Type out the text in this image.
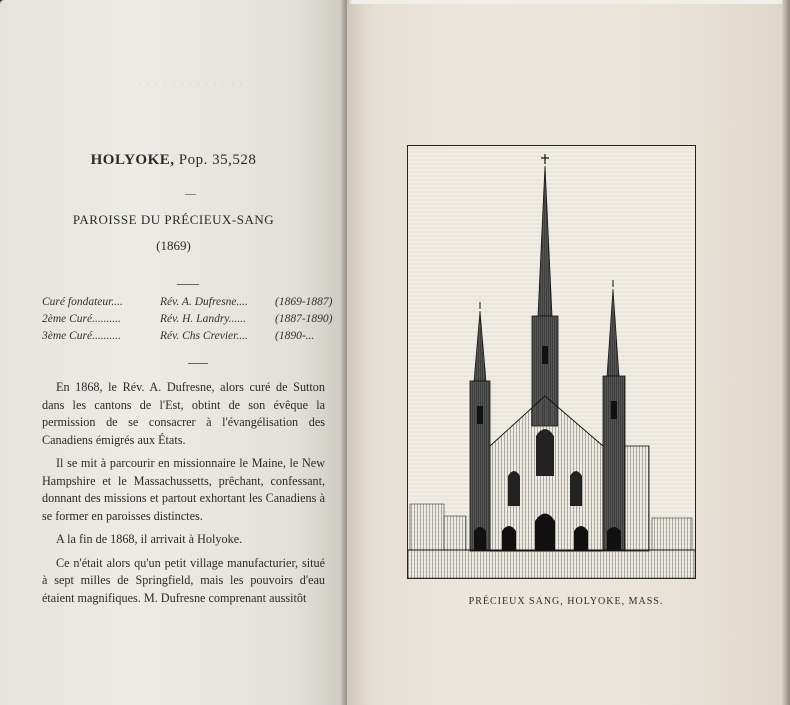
· · · · · · · · · · · · ·
HOLYOKE, Pop. 35,528
—
PAROISSE DU PRÉCIEUX-SANG
(1869)
Curé fondateur....	Rév. A. Dufresne....	(1869-1887)
2ème Curé..........	Rév. H. Landry......	(1887-1890)
3ème Curé..........	Rév. Chs Crevier....	(1890-...

En 1868, le Rév. A. Dufresne, alors curé de Sutton dans les cantons de l'Est, obtint de son évêque la permission de se consacrer à l'évangélisation des Canadiens émigrés aux États.

Il se mit à parcourir en missionnaire le Maine, le New Hampshire et le Massachussetts, prêchant, confessant, donnant des missions et partout exhortant les Canadiens à se former en paroisses distinctes.

A la fin de 1868, il arrivait à Holyoke.

Ce n'était alors qu'un petit village manufacturier, situé à sept milles de Springfield, mais les pouvoirs d'eau étaient magnifiques. M. Dufresne comprenant aussitôt	PRÉCIEUX SANG, HOLYOKE, MASS.
